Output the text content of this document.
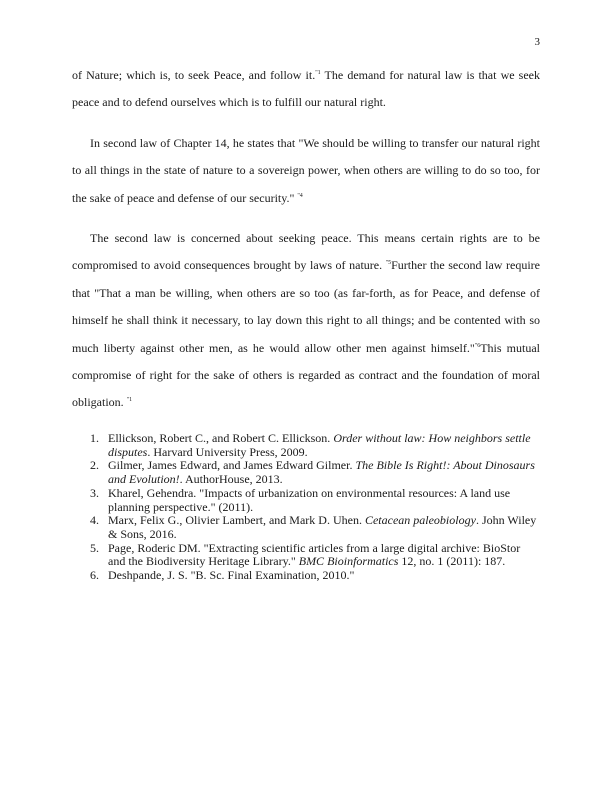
3

of Nature; which is, to seek Peace, and follow it.$^{"1}$ The demand for natural law is that we seek peace and to defend ourselves which is to fulfill our natural right.

In second law of Chapter 14, he states that "We should be willing to transfer our natural right to all things in the state of nature to a sovereign power, when others are willing to do so too, for the sake of peace and defense of our security." $^{"4}$

The second law is concerned about seeking peace. This means certain rights are to be compromised to avoid consequences brought by laws of nature. $^{"5}$Further the second law require that "That a man be willing, when others are so too (as far-forth, as for Peace, and defense of himself he shall think it necessary, to lay down this right to all things; and be contented with so much liberty against other men, as he would allow other men against himself."$^{"6}$This mutual compromise of right for the sake of others is regarded as contract and the foundation of moral obligation. $^{"1}$

1. Ellickson, Robert C., and Robert C. Ellickson. Order without law: How neighbors settle disputes. Harvard University Press, 2009.
2. Gilmer, James Edward, and James Edward Gilmer. The Bible Is Right!: About Dinosaurs and Evolution!. AuthorHouse, 2013.
3. Kharel, Gehendra. "Impacts of urbanization on environmental resources: A land use planning perspective." (2011).
4. Marx, Felix G., Olivier Lambert, and Mark D. Uhen. Cetacean paleobiology. John Wiley & Sons, 2016.
5. Page, Roderic DM. "Extracting scientific articles from a large digital archive: BioStor and the Biodiversity Heritage Library." BMC Bioinformatics 12, no. 1 (2011): 187.
6. Deshpande, J. S. "B. Sc. Final Examination, 2010."
